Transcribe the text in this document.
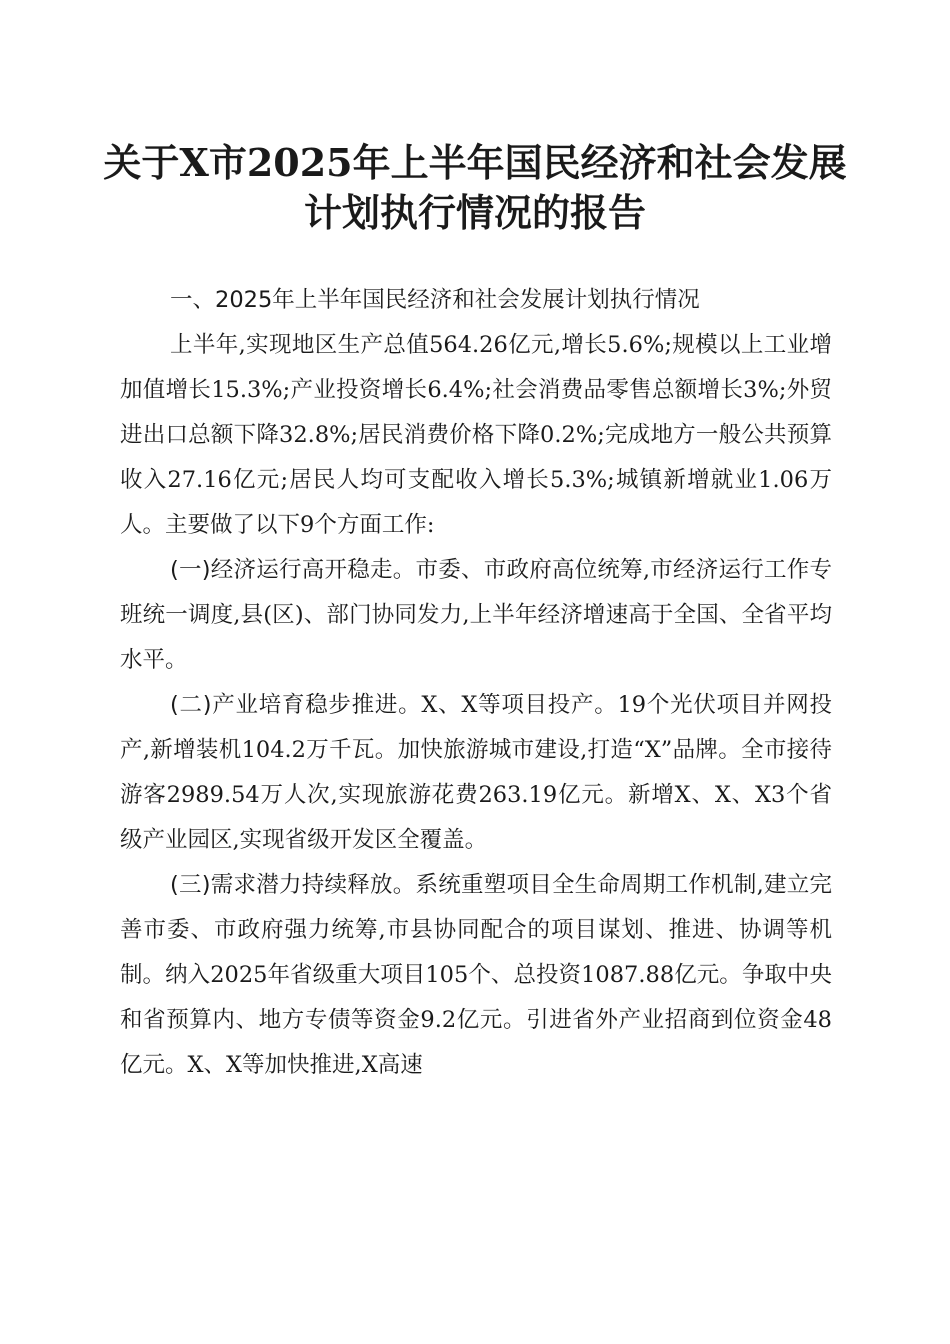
关于X市2025年上半年国民经济和社会发展
计划执行情况的报告
一、2025年上半年国民经济和社会发展计划执行情况

上半年,实现地区生产总值564.26亿元,增长5.6%;规模以上工业增加值增长15.3%;产业投资增长6.4%;社会消费品零售总额增长3%;外贸进出口总额下降32.8%;居民消费价格下降0.2%;完成地方一般公共预算收入27.16亿元;居民人均可支配收入增长5.3%;城镇新增就业1.06万人。主要做了以下9个方面工作:

(一)经济运行高开稳走。市委、市政府高位统筹,市经济运行工作专班统一调度,县(区)、部门协同发力,上半年经济增速高于全国、全省平均水平。

(二)产业培育稳步推进。X、X等项目投产。19个光伏项目并网投产,新增装机104.2万千瓦。加快旅游城市建设,打造“X”品牌。全市接待游客2989.54万人次,实现旅游花费263.19亿元。新增X、X、X3个省级产业园区,实现省级开发区全覆盖。

(三)需求潜力持续释放。系统重塑项目全生命周期工作机制,建立完善市委、市政府强力统筹,市县协同配合的项目谋划、推进、协调等机制。纳入2025年省级重大项目105个、总投资1087.88亿元。争取中央和省预算内、地方专债等资金9.2亿元。引进省外产业招商到位资金48亿元。X、X等加快推进,X高速
